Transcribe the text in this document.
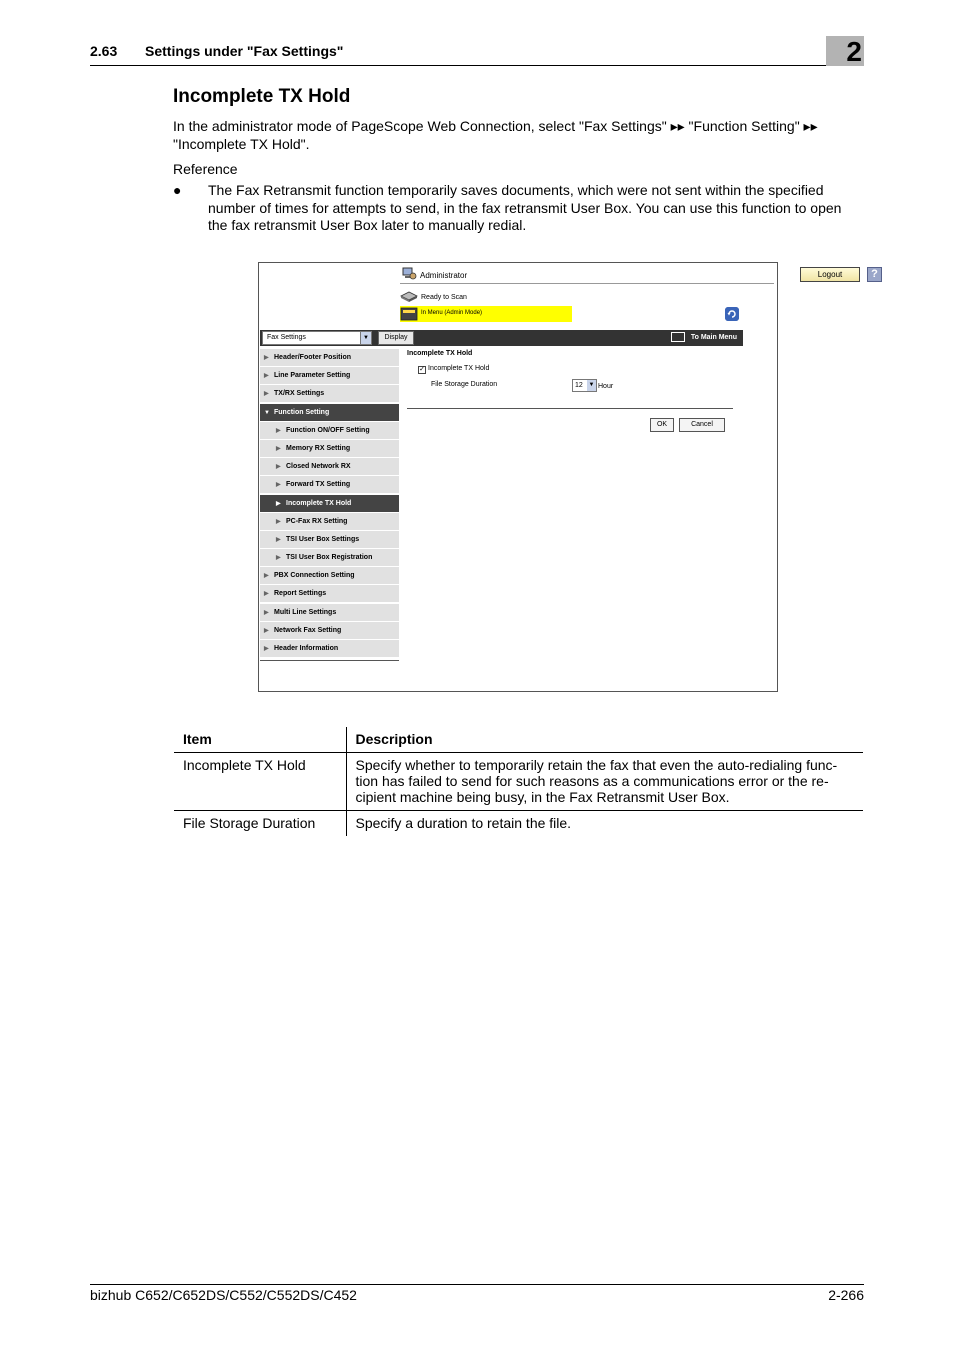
2.63 Settings under "Fax Settings"	2
Incomplete TX Hold

In the administrator mode of PageScope Web Connection, select "Fax Settings" ▸▸ "Function Setting" ▸▸ "Incomplete TX Hold".

Reference

● The Fax Retransmit function temporarily saves documents, which were not sent within the specified number of times for attempts to send, in the fax retransmit User Box. You can use this function to open the fax retransmit User Box later to manually redial.
Administrator	Logout	?
Ready to Scan
In Menu (Admin Mode)
Fax Settings	▼	Display	To Main Menu
▶ Header/Footer Position
▶ Line Parameter Setting
▶ TX/RX Settings
▼ Function Setting
▶ Function ON/OFF Setting
▶ Memory RX Setting
▶ Closed Network RX
▶ Forward TX Setting
▶ Incomplete TX Hold
▶ PC-Fax RX Setting
▶ TSI User Box Settings
▶ TSI User Box Registration
▶ PBX Connection Setting
▶ Report Settings
▶ Multi Line Settings
▶ Network Fax Setting
▶ Header Information
Incomplete TX Hold
✓ Incomplete TX Hold
File Storage Duration	12 ▼ Hour
OK	Cancel
Item	Description
Incomplete TX Hold	Specify whether to temporarily retain the fax that even the auto-redialing func-tion has failed to send for such reasons as a communications error or the re-cipient machine being busy, in the Fax Retransmit User Box.
File Storage Duration	Specify a duration to retain the file.
bizhub C652/C652DS/C552/C552DS/C452	2-266
